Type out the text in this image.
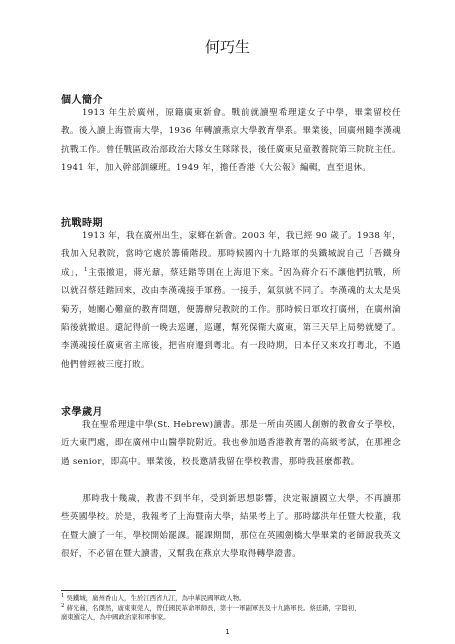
何巧生
個人簡介
1913 年生於廣州，原籍廣東新會。戰前就讀聖希理達女子中學，畢業留校任教。後入讀上海暨南大學，1936 年轉讀燕京大學教育學系。畢業後，回廣州隨李漢魂抗戰工作。曾任戰區政治部政治大隊女生隊隊長，後任廣東兒童教養院第三院院主任。1941 年，加入幹部訓練班。1949 年，擔任香港《大公報》編輯，直至退休。
抗戰時期
1913 年，我在廣州出生，家鄉在新會。2003 年，我已經 90 歲了。1938 年，我加入兒教院，當時它處於籌備階段。那時候國內十九路軍的吳鐵城說自己「吾鐵身成」，$^1$主張撤退，蔣光鼐，蔡廷鍇等則在上海退下來。$^2$因為蔣介石不讓他們抗戰，所以就召蔡廷鍇回來，改由李漢魂接手軍務。一接手，氣氛就不同了。李漢魂的太太是吳菊芳，她關心難童的教育問題，便籌辦兒教院的工作。那時候日軍攻打廣州，在廣州淪陷後就撤退。還記得前一晚去巡邏，巡邏，幫死保衛大廣東，第三天早上局勢就變了。李漢魂接任廣東省主席後，把省府遷到粵北。有一段時期，日本仔又來攻打粵北，不過他們曾經被三度打敗。
求學歲月
我在聖希理達中學(St. Hebrew)讀書。那是一所由英國人創辦的教會女子學校，近大東門處，即在廣州中山醫學院附近。我也參加過香港教育署的高級考試，在那裡念過 senior，即高中。畢業後，校長邀請我留在學校教書，那時我甚麼都教。
那時我十幾歲，教書不到半年，受到新思想影響，決定報讀國立大學，不再讀那些英國學校。於是，我報考了上海暨南大學，結果考上了。那時鄒洪年任暨大校董，我在暨大讀了一年，學校開始罷課。罷課期間，那位在英國劍橋大學畢業的老師說我英文很好，不必留在暨大讀書，又幫我在燕京大學取得轉學證書。
$^1$ 吳鐵城，廣州香山人，生於江西省九江，為中華民國軍政人物。
$^2$ 蔣光鼐，名傑然，廣東東莞人，曾任國民革命軍師長，第十一軍副軍長及十九路軍長。蔡廷鍇，字賢初，廣東羅定人，為中國政治家和軍事家。
1
